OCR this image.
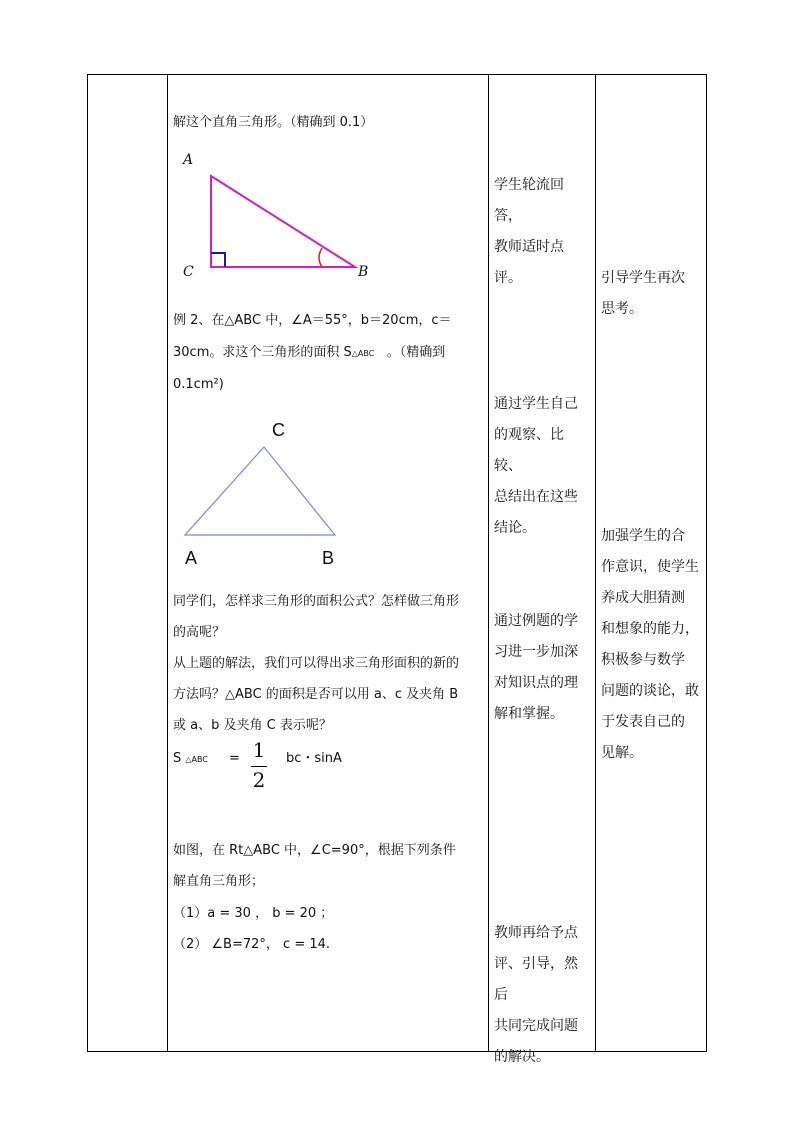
解这个直角三角形。（精确到 0.1）
A
C	B
例 2、在△ABC 中，∠A＝55°，b＝20cm，c＝
30cm。求这个三角形的面积 S△ABC 。（精确到
0.1cm²)
C
A	B
同学们，怎样求三角形的面积公式？怎样做三角形
的高呢？
从上题的解法，我们可以得出求三角形面积的新的
方法吗？△ABC 的面积是否可以用 a、c 及夹角 B
或 a、b 及夹角 C 表示呢？
S △ABC = 1
2
bc・sinA
如图，在 Rt△ABC 中，∠C=90°，根据下列条件
解直角三角形；
（1）a = 30 ， b = 20 ；
（2） ∠B=72°， c = 14.

学生轮流回答，

教师适时点评。

通过学生自己

的观察、比较、

总结出在这些

结论。

通过例题的学

习进一步加深

对知识点的理

解和掌握。

教师再给予点

评、引导，然后

共同完成问题

的解决。

引导学生再次

思考。

加强学生的合

作意识，使学生

养成大胆猜测

和想象的能力，

积极参与数学

问题的谈论，敢

于发表自己的

见解。
